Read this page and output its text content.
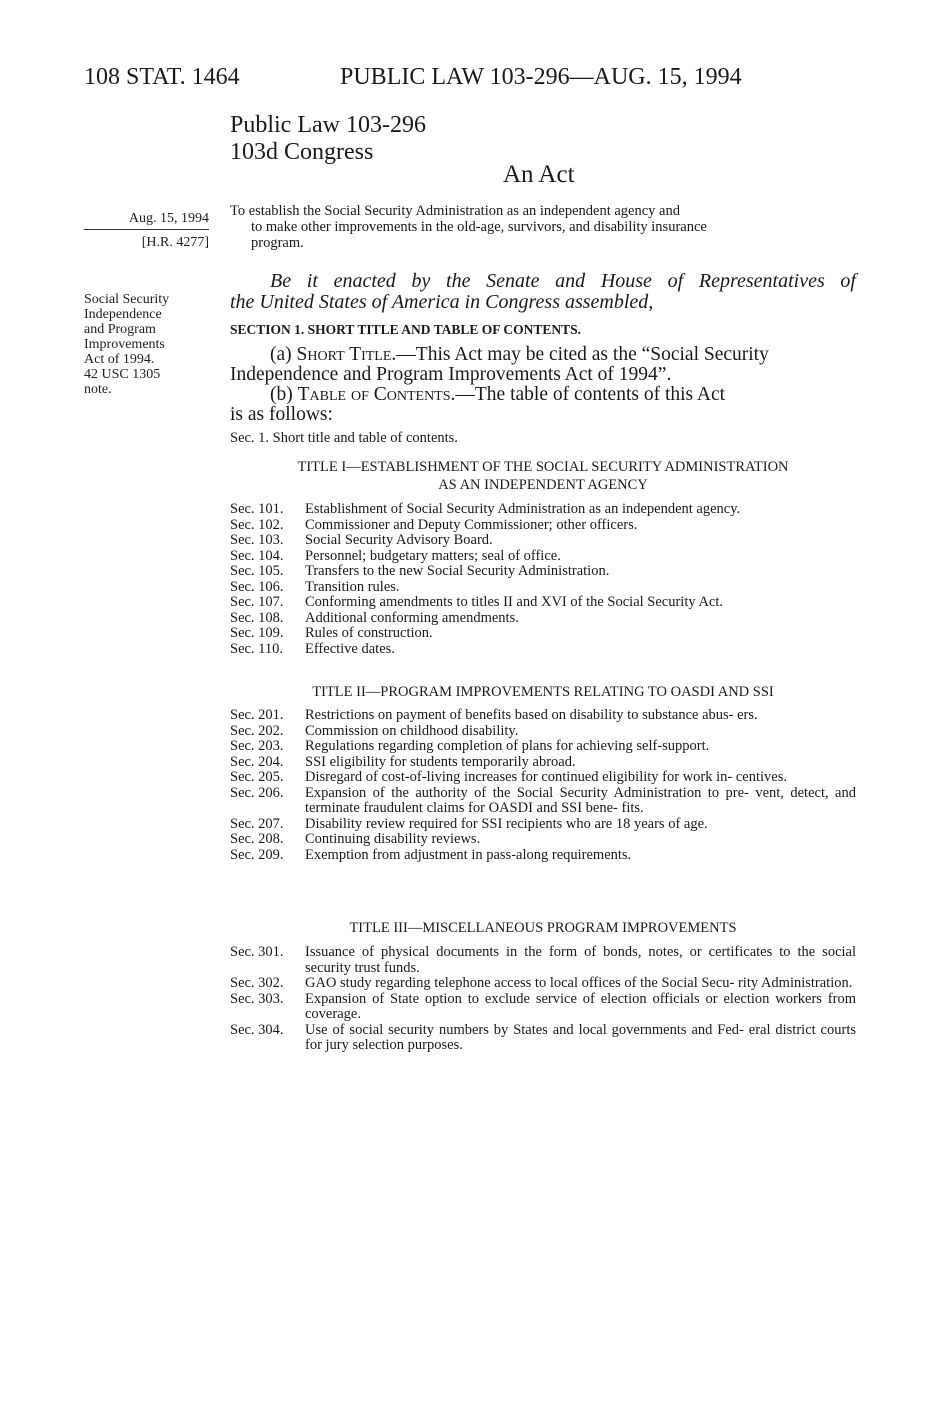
108 STAT. 1464	PUBLIC LAW 103-296—AUG. 15, 1994
Public Law 103-296
103d Congress
An Act
Aug. 15, 1994
[H.R. 4277]
Social Security
Independence
and Program
Improvements
Act of 1994.
42 USC 1305
note.
To establish the Social Security Administration as an independent agency and
to make other improvements in the old-age, survivors, and disability insurance
program.
Be it enacted by the Senate and House of Representatives of
the United States of America in Congress assembled,
SECTION 1. SHORT TITLE AND TABLE OF CONTENTS.
(a) Short Title.—This Act may be cited as the “Social Security
Independence and Program Improvements Act of 1994”.
(b) Table of Contents.—The table of contents of this Act
is as follows:
Sec. 1. Short title and table of contents.
TITLE I—ESTABLISHMENT OF THE SOCIAL SECURITY ADMINISTRATION
AS AN INDEPENDENT AGENCY
Sec. 101.	Establishment of Social Security Administration as an independent agency.
Sec. 102.	Commissioner and Deputy Commissioner; other officers.
Sec. 103.	Social Security Advisory Board.
Sec. 104.	Personnel; budgetary matters; seal of office.
Sec. 105.	Transfers to the new Social Security Administration.
Sec. 106.	Transition rules.
Sec. 107.	Conforming amendments to titles II and XVI of the Social Security Act.
Sec. 108.	Additional conforming amendments.
Sec. 109.	Rules of construction.
Sec. 110.	Effective dates.
TITLE II—PROGRAM IMPROVEMENTS RELATING TO OASDI AND SSI
Sec. 201.	Restrictions on payment of benefits based on disability to substance abus- ers.
Sec. 202.	Commission on childhood disability.
Sec. 203.	Regulations regarding completion of plans for achieving self-support.
Sec. 204.	SSI eligibility for students temporarily abroad.
Sec. 205.	Disregard of cost-of-living increases for continued eligibility for work in- centives.
Sec. 206.	Expansion of the authority of the Social Security Administration to pre- vent, detect, and terminate fraudulent claims for OASDI and SSI bene- fits.
Sec. 207.	Disability review required for SSI recipients who are 18 years of age.
Sec. 208.	Continuing disability reviews.
Sec. 209.	Exemption from adjustment in pass-along requirements.
TITLE III—MISCELLANEOUS PROGRAM IMPROVEMENTS
Sec. 301.	Issuance of physical documents in the form of bonds, notes, or certificates to the social security trust funds.
Sec. 302.	GAO study regarding telephone access to local offices of the Social Secu- rity Administration.
Sec. 303.	Expansion of State option to exclude service of election officials or election workers from coverage.
Sec. 304.	Use of social security numbers by States and local governments and Fed- eral district courts for jury selection purposes.
